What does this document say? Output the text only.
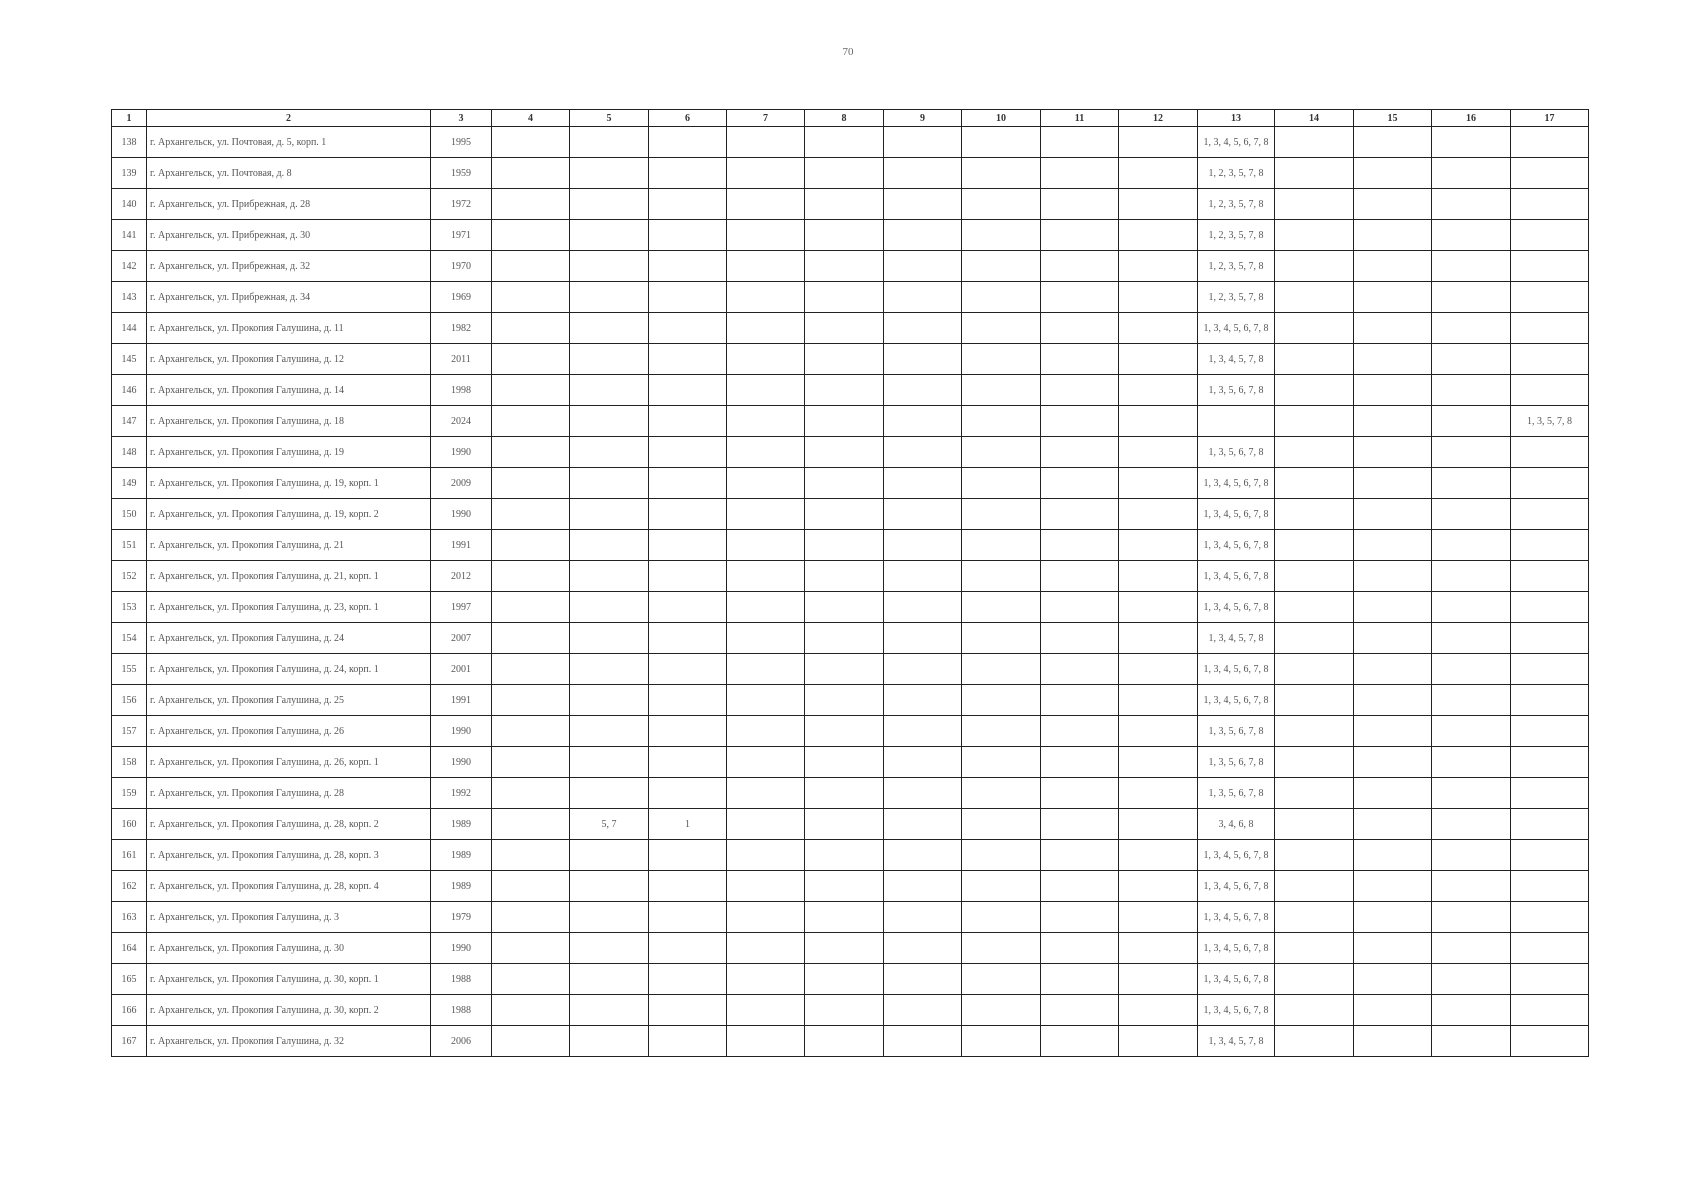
70
1	2	3	4	5	6	7	8	9	10	11	12	13	14	15	16	17
138	г. Архангельск, ул. Почтовая, д. 5, корп. 1	1995										1, 3, 4, 5, 6, 7, 8				
139	г. Архангельск, ул. Почтовая, д. 8	1959										1, 2, 3, 5, 7, 8				
140	г. Архангельск, ул. Прибрежная, д. 28	1972										1, 2, 3, 5, 7, 8				
141	г. Архангельск, ул. Прибрежная, д. 30	1971										1, 2, 3, 5, 7, 8				
142	г. Архангельск, ул. Прибрежная, д. 32	1970										1, 2, 3, 5, 7, 8				
143	г. Архангельск, ул. Прибрежная, д. 34	1969										1, 2, 3, 5, 7, 8				
144	г. Архангельск, ул. Прокопия Галушина, д. 11	1982										1, 3, 4, 5, 6, 7, 8				
145	г. Архангельск, ул. Прокопия Галушина, д. 12	2011										1, 3, 4, 5, 7, 8				
146	г. Архангельск, ул. Прокопия Галушина, д. 14	1998										1, 3, 5, 6, 7, 8				
147	г. Архангельск, ул. Прокопия Галушина, д. 18	2024														1, 3, 5, 7, 8
148	г. Архангельск, ул. Прокопия Галушина, д. 19	1990										1, 3, 5, 6, 7, 8				
149	г. Архангельск, ул. Прокопия Галушина, д. 19, корп. 1	2009										1, 3, 4, 5, 6, 7, 8				
150	г. Архангельск, ул. Прокопия Галушина, д. 19, корп. 2	1990										1, 3, 4, 5, 6, 7, 8				
151	г. Архангельск, ул. Прокопия Галушина, д. 21	1991										1, 3, 4, 5, 6, 7, 8				
152	г. Архангельск, ул. Прокопия Галушина, д. 21, корп. 1	2012										1, 3, 4, 5, 6, 7, 8				
153	г. Архангельск, ул. Прокопия Галушина, д. 23, корп. 1	1997										1, 3, 4, 5, 6, 7, 8				
154	г. Архангельск, ул. Прокопия Галушина, д. 24	2007										1, 3, 4, 5, 7, 8				
155	г. Архангельск, ул. Прокопия Галушина, д. 24, корп. 1	2001										1, 3, 4, 5, 6, 7, 8				
156	г. Архангельск, ул. Прокопия Галушина, д. 25	1991										1, 3, 4, 5, 6, 7, 8				
157	г. Архангельск, ул. Прокопия Галушина, д. 26	1990										1, 3, 5, 6, 7, 8				
158	г. Архангельск, ул. Прокопия Галушина, д. 26, корп. 1	1990										1, 3, 5, 6, 7, 8				
159	г. Архангельск, ул. Прокопия Галушина, д. 28	1992										1, 3, 5, 6, 7, 8				
160	г. Архангельск, ул. Прокопия Галушина, д. 28, корп. 2	1989		5, 7	1							3, 4, 6, 8				
161	г. Архангельск, ул. Прокопия Галушина, д. 28, корп. 3	1989										1, 3, 4, 5, 6, 7, 8				
162	г. Архангельск, ул. Прокопия Галушина, д. 28, корп. 4	1989										1, 3, 4, 5, 6, 7, 8				
163	г. Архангельск, ул. Прокопия Галушина, д. 3	1979										1, 3, 4, 5, 6, 7, 8				
164	г. Архангельск, ул. Прокопия Галушина, д. 30	1990										1, 3, 4, 5, 6, 7, 8				
165	г. Архангельск, ул. Прокопия Галушина, д. 30, корп. 1	1988										1, 3, 4, 5, 6, 7, 8				
166	г. Архангельск, ул. Прокопия Галушина, д. 30, корп. 2	1988										1, 3, 4, 5, 6, 7, 8				
167	г. Архангельск, ул. Прокопия Галушина, д. 32	2006										1, 3, 4, 5, 7, 8				
